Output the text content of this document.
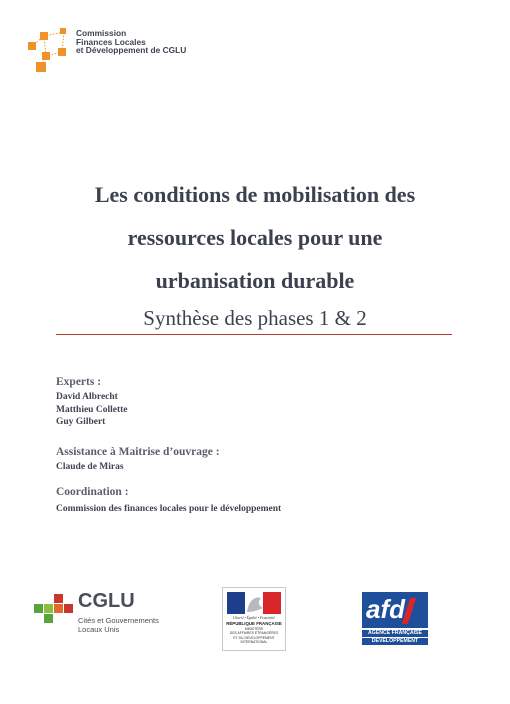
Commission
Finances Locales
et Développement de CGLU
Les conditions de mobilisation des
ressources locales pour une
urbanisation durable
Synthèse des phases 1 & 2
Experts :
David Albrecht
Matthieu Collette
Guy Gilbert
Assistance à Maitrise d’ouvrage :
Claude de Miras
Coordination :
Commission des finances locales pour le développement
CGLU
Cités et Gouvernements
Locaux Unis
Liberté • Égalité • Fraternité
RÉPUBLIQUE FRANÇAISE
MINISTÈRE
DES AFFAIRES ÉTRANGÈRES
ET DU DÉVELOPPEMENT
INTERNATIONAL
afd
AGENCE FRANÇAISE
DÉVELOPPEMENT
